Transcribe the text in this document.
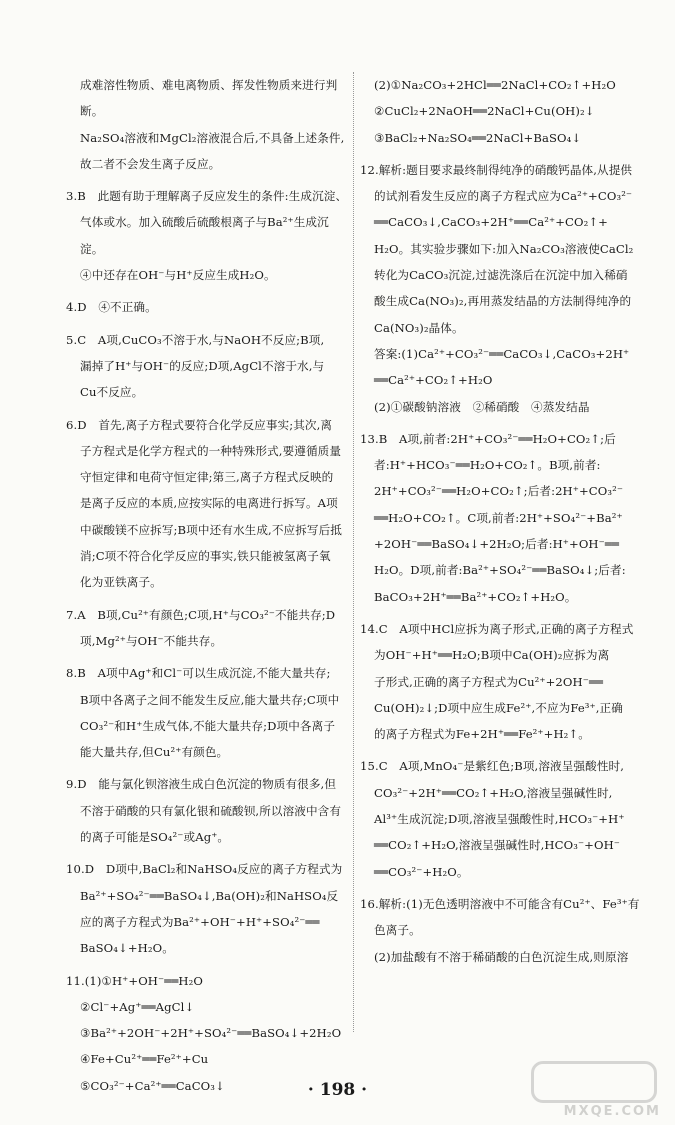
成难溶性物质、难电离物质、挥发性物质来进行判断。

Na₂SO₄溶液和MgCl₂溶液混合后,不具备上述条件,

故二者不会发生离子反应。

3.B　此题有助于理解离子反应发生的条件:生成沉淀、

气体或水。加入硫酸后硫酸根离子与Ba²⁺生成沉淀。

④中还存在OH⁻与H⁺反应生成H₂O。

4.D　④不正确。

5.C　A项,CuCO₃不溶于水,与NaOH不反应;B项,

漏掉了H⁺与OH⁻的反应;D项,AgCl不溶于水,与

Cu不反应。

6.D　首先,离子方程式要符合化学反应事实;其次,离

子方程式是化学方程式的一种特殊形式,要遵循质量

守恒定律和电荷守恒定律;第三,离子方程式反映的

是离子反应的本质,应按实际的电离进行拆写。A项

中碳酸镁不应拆写;B项中还有水生成,不应拆写后抵

消;C项不符合化学反应的事实,铁只能被氢离子氧

化为亚铁离子。

7.A　B项,Cu²⁺有颜色;C项,H⁺与CO₃²⁻不能共存;D

项,Mg²⁺与OH⁻不能共存。

8.B　A项中Ag⁺和Cl⁻可以生成沉淀,不能大量共存;

B项中各离子之间不能发生反应,能大量共存;C项中

CO₃²⁻和H⁺生成气体,不能大量共存;D项中各离子

能大量共存,但Cu²⁺有颜色。

9.D　能与氯化钡溶液生成白色沉淀的物质有很多,但

不溶于硝酸的只有氯化银和硫酸钡,所以溶液中含有

的离子可能是SO₄²⁻或Ag⁺。

10.D　D项中,BaCl₂和NaHSO₄反应的离子方程式为

Ba²⁺+SO₄²⁻══BaSO₄↓,Ba(OH)₂和NaHSO₄反

应的离子方程式为Ba²⁺+OH⁻+H⁺+SO₄²⁻══

BaSO₄↓+H₂O。

11.(1)①H⁺+OH⁻══H₂O

②Cl⁻+Ag⁺══AgCl↓

③Ba²⁺+2OH⁻+2H⁺+SO₄²⁻══BaSO₄↓+2H₂O

④Fe+Cu²⁺══Fe²⁺+Cu

⑤CO₃²⁻+Ca²⁺══CaCO₃↓

(2)①Na₂CO₃+2HCl══2NaCl+CO₂↑+H₂O

②CuCl₂+2NaOH══2NaCl+Cu(OH)₂↓

③BaCl₂+Na₂SO₄══2NaCl+BaSO₄↓

12.解析:题目要求最终制得纯净的硝酸钙晶体,从提供

的试剂看发生反应的离子方程式应为Ca²⁺+CO₃²⁻

══CaCO₃↓,CaCO₃+2H⁺══Ca²⁺+CO₂↑+

H₂O。其实验步骤如下:加入Na₂CO₃溶液使CaCl₂

转化为CaCO₃沉淀,过滤洗涤后在沉淀中加入稀硝

酸生成Ca(NO₃)₂,再用蒸发结晶的方法制得纯净的

Ca(NO₃)₂晶体。

答案:(1)Ca²⁺+CO₃²⁻══CaCO₃↓,CaCO₃+2H⁺

══Ca²⁺+CO₂↑+H₂O

(2)①碳酸钠溶液　②稀硝酸　④蒸发结晶

13.B　A项,前者:2H⁺+CO₃²⁻══H₂O+CO₂↑;后

者:H⁺+HCO₃⁻══H₂O+CO₂↑。B项,前者:

2H⁺+CO₃²⁻══H₂O+CO₂↑;后者:2H⁺+CO₃²⁻

══H₂O+CO₂↑。C项,前者:2H⁺+SO₄²⁻+Ba²⁺

+2OH⁻══BaSO₄↓+2H₂O;后者:H⁺+OH⁻══

H₂O。D项,前者:Ba²⁺+SO₄²⁻══BaSO₄↓;后者:

BaCO₃+2H⁺══Ba²⁺+CO₂↑+H₂O。

14.C　A项中HCl应拆为离子形式,正确的离子方程式

为OH⁻+H⁺══H₂O;B项中Ca(OH)₂应拆为离

子形式,正确的离子方程式为Cu²⁺+2OH⁻══

Cu(OH)₂↓;D项中应生成Fe²⁺,不应为Fe³⁺,正确

的离子方程式为Fe+2H⁺══Fe²⁺+H₂↑。

15.C　A项,MnO₄⁻是紫红色;B项,溶液呈强酸性时,

CO₃²⁻+2H⁺══CO₂↑+H₂O,溶液呈强碱性时,

Al³⁺生成沉淀;D项,溶液呈强酸性时,HCO₃⁻+H⁺

══CO₂↑+H₂O,溶液呈强碱性时,HCO₃⁻+OH⁻

══CO₃²⁻+H₂O。

16.解析:(1)无色透明溶液中不可能含有Cu²⁺、Fe³⁺有

色离子。

(2)加盐酸有不溶于稀硝酸的白色沉淀生成,则原溶

· 198 ·
MXQE.COM
